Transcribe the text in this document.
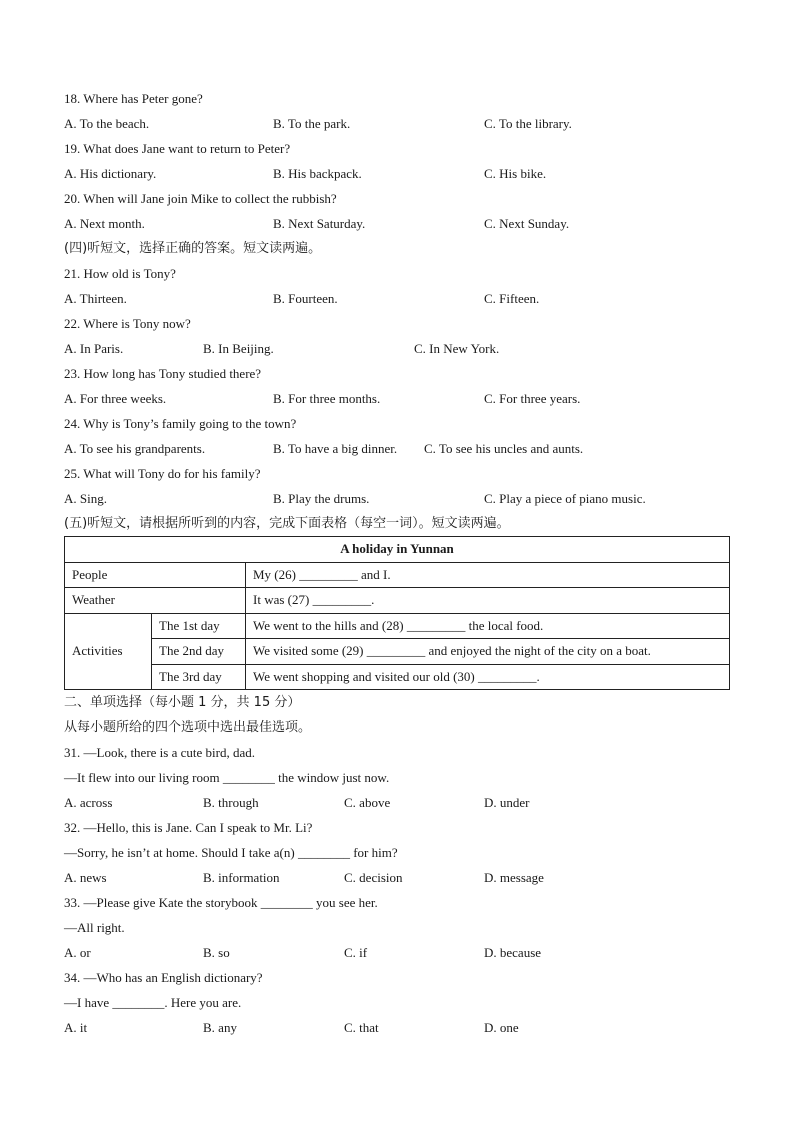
18. Where has Peter gone?
A. To the beach.	B. To the park.	C. To the library.
19. What does Jane want to return to Peter?
A. His dictionary.	B. His backpack.	C. His bike.
20. When will Jane join Mike to collect the rubbish?
A. Next month.	B. Next Saturday.	C. Next Sunday.
(四)听短文，选择正确的答案。短文读两遍。
21. How old is Tony?
A. Thirteen.	B. Fourteen.	C. Fifteen.
22. Where is Tony now?
A. In Paris.	B. In Beijing.	C. In New York.
23. How long has Tony studied there?
A. For three weeks.	B. For three months.	C. For three years.
24. Why is Tony’s family going to the town?
A. To see his grandparents.	B. To have a big dinner. C. To see his uncles and aunts.
25. What will Tony do for his family?
A. Sing.	B. Play the drums.	C. Play a piece of piano music.
(五)听短文，请根据所听到的内容，完成下面表格（每空一词）。短文读两遍。
A holiday in Yunnan		
People		My (26) _________ and I.
Weather		It was (27) _________.
Activities	The 1st day	We went to the hills and (28) _________ the local food.
	The 2nd day	We visited some (29) _________ and enjoyed the night of the city on a boat.
	The 3rd day	We went shopping and visited our old (30) _________.
二、单项选择（每小题 1 分，共 15 分）
从每小题所给的四个选项中选出最佳选项。
31. —Look, there is a cute bird, dad.
—It flew into our living room ________ the window just now.
A. across	B. through	C. above	D. under
32. —Hello, this is Jane. Can I speak to Mr. Li?
—Sorry, he isn’t at home. Should I take a(n) ________ for him?
A. news	B. information	C. decision	D. message
33. —Please give Kate the storybook ________ you see her.
—All right.
A. or	B. so	C. if	D. because
34. —Who has an English dictionary?
—I have ________. Here you are.
A. it	B. any	C. that	D. one
